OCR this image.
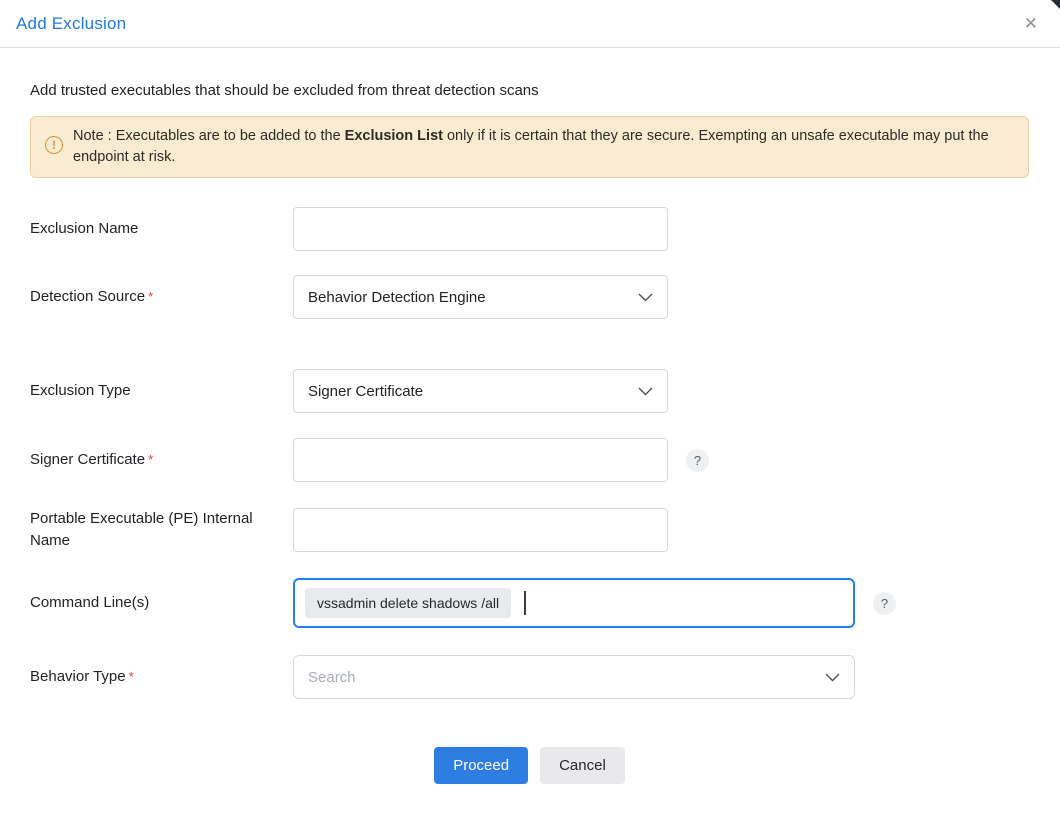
Add Exclusion	✕
Add trusted executables that should be excluded from threat detection scans
!
Note : Executables are to be added to the Exclusion List only if it is certain that they are secure. Exempting an unsafe executable may put the endpoint at risk.
Exclusion Name
Detection Source *	Behavior Detection Engine
Exclusion Type	Signer Certificate
Signer Certificate *	?
Portable Executable (PE) Internal Name
Command Line(s)	vssadmin delete shadows /all	?
Behavior Type *	Search
Proceed	Cancel
